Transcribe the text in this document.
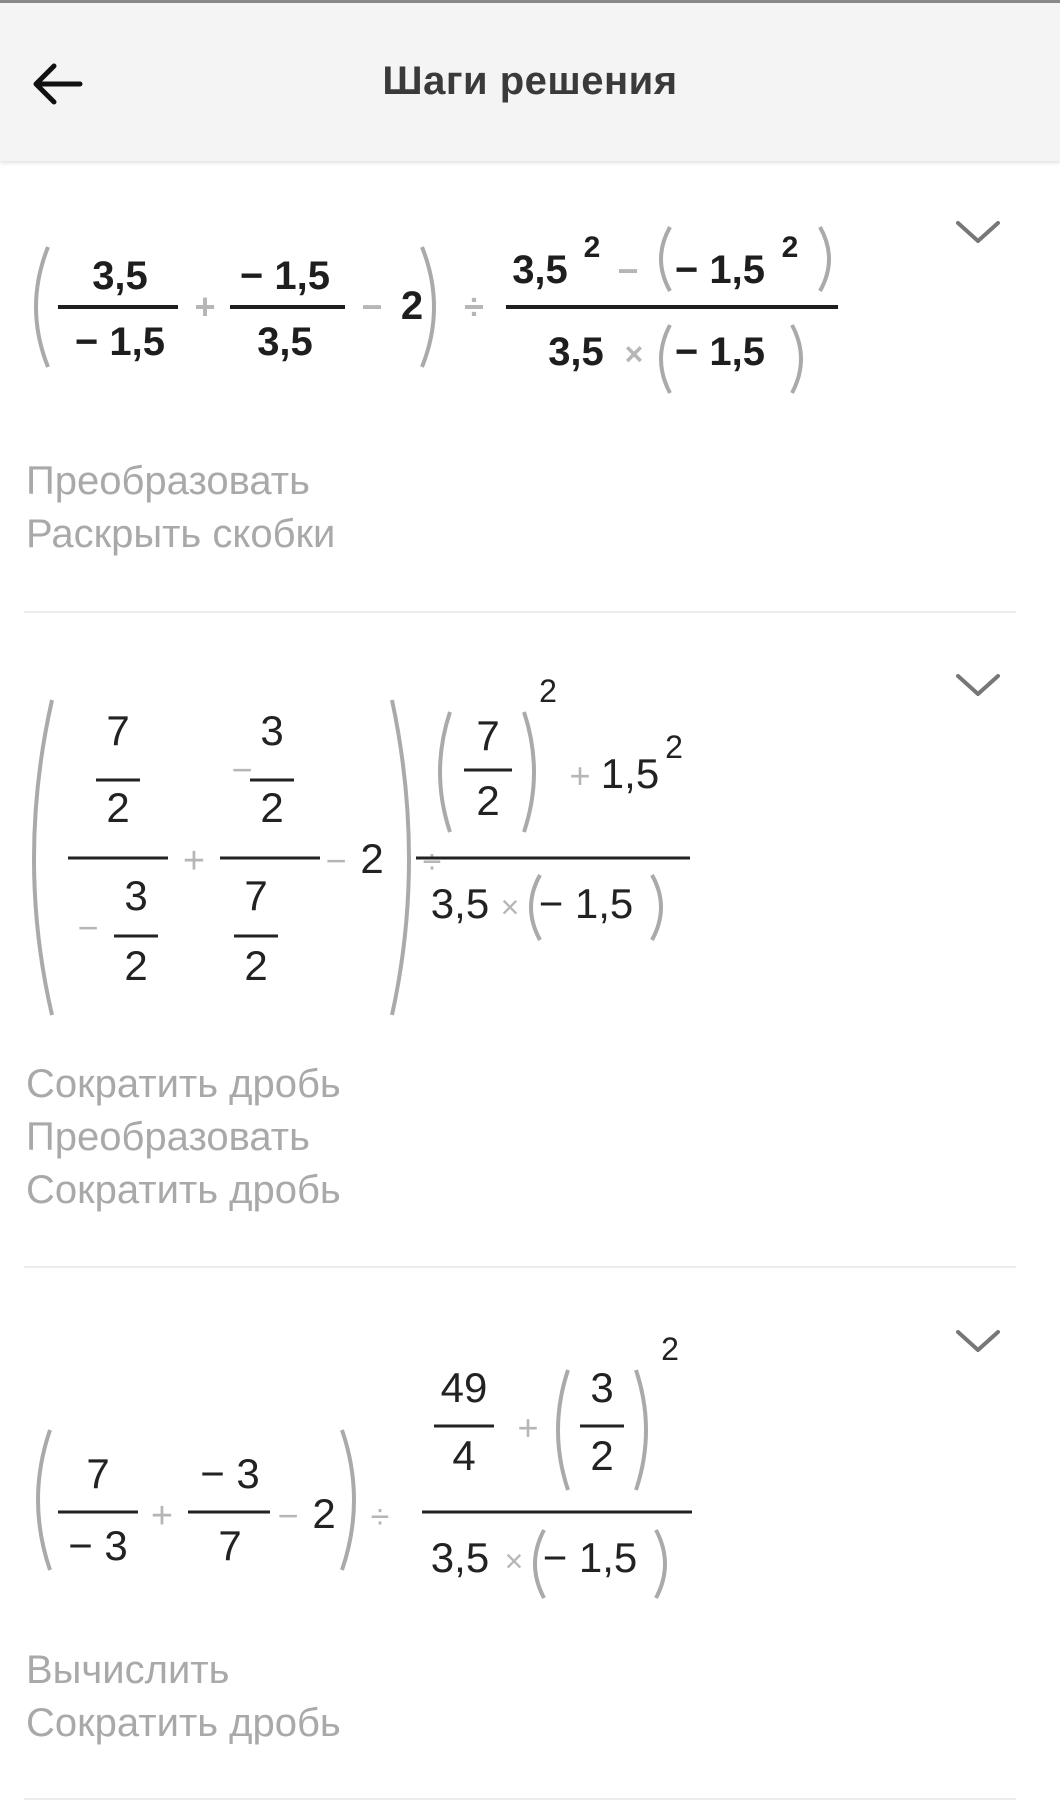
Шаги решения
3,5
− 1,5
+
− 1,5
3,5
− 2 ÷
3,5
2
− − 1,5
2
3,5 × − 1,5
Преобразовать
Раскрыть скобки
7
2
−
3
2
+
−
3
2
7
2
− 2 ÷
7
2
2
+ 1,5
2
3,5 × − 1,5
Сократить дробь
Преобразовать
Сократить дробь
7
− 3
+
− 3
7
− 2 ÷
49
4
+
3
2
2
3,5 × − 1,5
Вычислить
Сократить дробь
